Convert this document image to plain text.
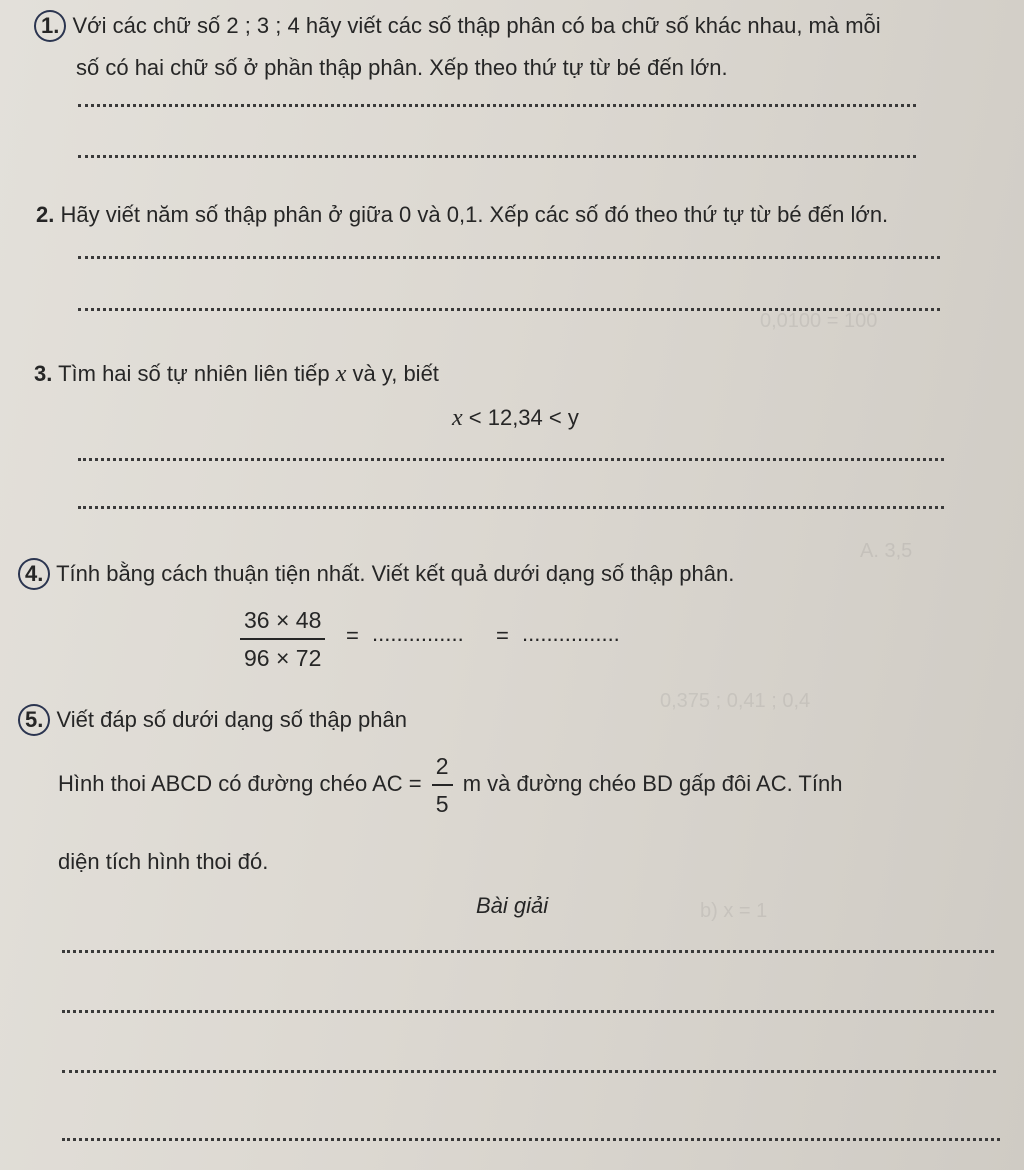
0,0100 = 100
A. 3,5
0,375 ; 0,41 ; 0,4
b) x = 1
1. Với các chữ số 2 ; 3 ; 4 hãy viết các số thập phân có ba chữ số khác nhau, mà mỗi
số có hai chữ số ở phần thập phân. Xếp theo thứ tự từ bé đến lớn.
2. Hãy viết năm số thập phân ở giữa 0 và 0,1. Xếp các số đó theo thứ tự từ bé đến lớn.
3. Tìm hai số tự nhiên liên tiếp x và y, biết
x < 12,34 < y
4. Tính bằng cách thuận tiện nhất. Viết kết quả dưới dạng số thập phân.
$\frac{36 \times 48}{96 \times 72}$ = ............... = ................
5. Viết đáp số dưới dạng số thập phân
Hình thoi ABCD có đường chéo AC = $\frac{2}{5}$ m và đường chéo BD gấp đôi AC. Tính
diện tích hình thoi đó.
Bài giải
